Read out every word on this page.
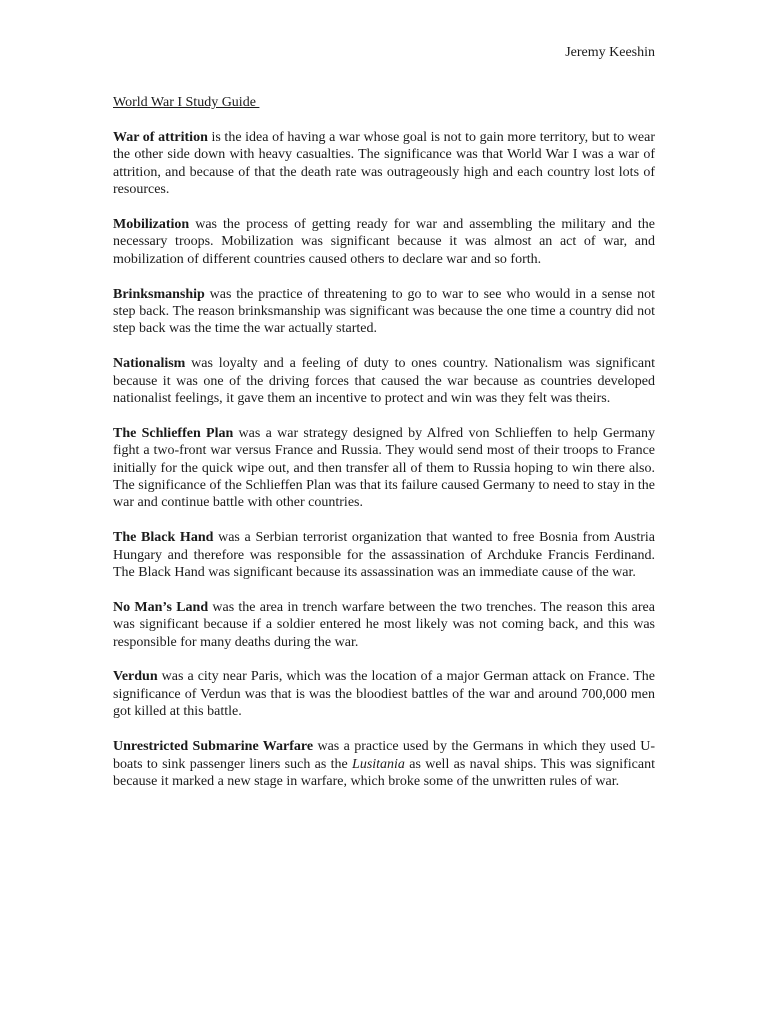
Jeremy Keeshin
World War I Study Guide

War of attrition is the idea of having a war whose goal is not to gain more territory, but to wear the other side down with heavy casualties. The significance was that World War I was a war of attrition, and because of that the death rate was outrageously high and each country lost lots of resources.

Mobilization was the process of getting ready for war and assembling the military and the necessary troops. Mobilization was significant because it was almost an act of war, and mobilization of different countries caused others to declare war and so forth.

Brinksmanship was the practice of threatening to go to war to see who would in a sense not step back. The reason brinksmanship was significant was because the one time a country did not step back was the time the war actually started.

Nationalism was loyalty and a feeling of duty to ones country. Nationalism was significant because it was one of the driving forces that caused the war because as countries developed nationalist feelings, it gave them an incentive to protect and win was they felt was theirs.

The Schlieffen Plan was a war strategy designed by Alfred von Schlieffen to help Germany fight a two-front war versus France and Russia. They would send most of their troops to France initially for the quick wipe out, and then transfer all of them to Russia hoping to win there also. The significance of the Schlieffen Plan was that its failure caused Germany to need to stay in the war and continue battle with other countries.

The Black Hand was a Serbian terrorist organization that wanted to free Bosnia from Austria Hungary and therefore was responsible for the assassination of Archduke Francis Ferdinand. The Black Hand was significant because its assassination was an immediate cause of the war.

No Man’s Land was the area in trench warfare between the two trenches. The reason this area was significant because if a soldier entered he most likely was not coming back, and this was responsible for many deaths during the war.

Verdun was a city near Paris, which was the location of a major German attack on France. The significance of Verdun was that is was the bloodiest battles of the war and around 700,000 men got killed at this battle.

Unrestricted Submarine Warfare was a practice used by the Germans in which they used U-boats to sink passenger liners such as the Lusitania as well as naval ships. This was significant because it marked a new stage in warfare, which broke some of the unwritten rules of war.
